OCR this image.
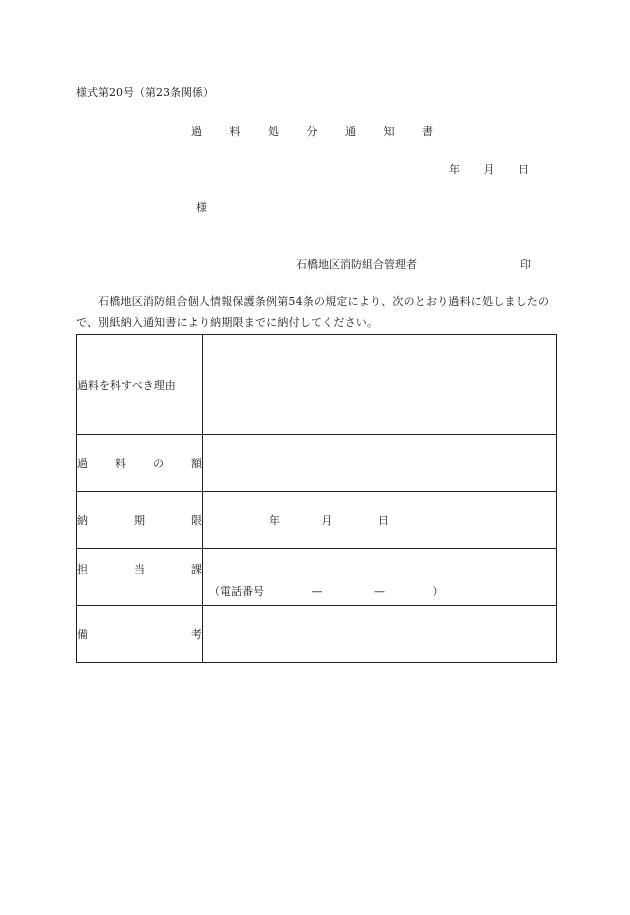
様式第20号（第23条関係）
過 料 処 分 通 知 書
年 月 日
様
石橋地区消防組合管理者	印
石橋地区消防組合個人情報保護条例第54条の規定により、次のとおり過料に処しましたので、別紙納入通知書により納期限までに納付してください。
過料を科すべき理由	

過 料 の 額	

納 期 限	年 月 日

担 当 課	（電話番号 — — ）

備 考	
